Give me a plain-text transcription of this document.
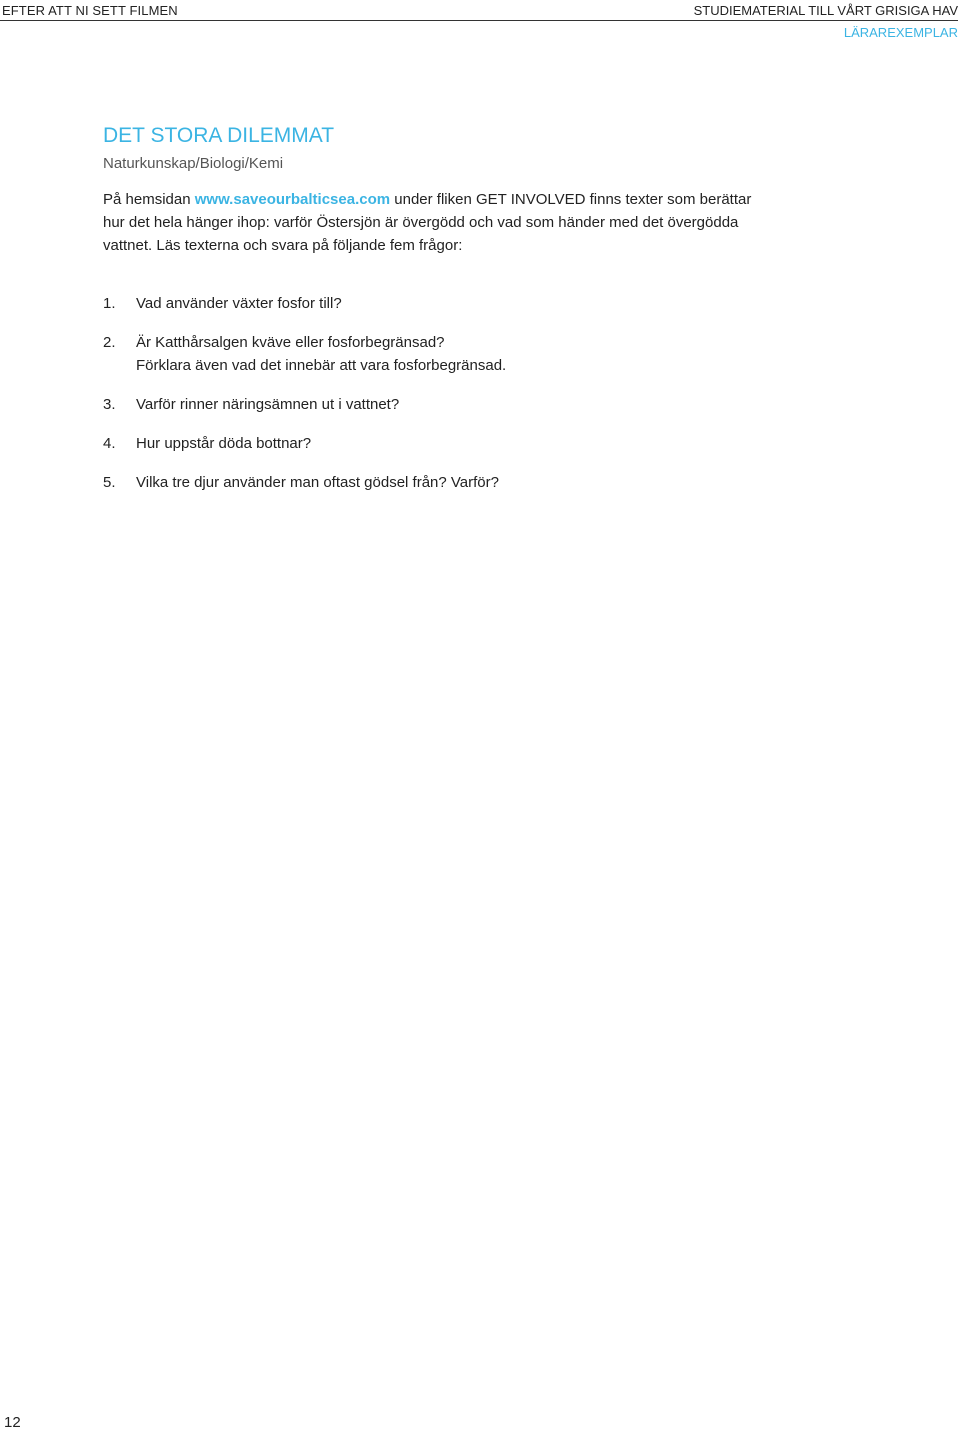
EFTER ATT NI SETT FILMEN	STUDIEMATERIAL TILL VÅRT GRISIGA HAV
LÄRAREXEMPLAR
DET STORA DILEMMAT
Naturkunskap/Biologi/Kemi
På hemsidan www.saveourbalticsea.com under fliken GET INVOLVED finns texter som berättar
hur det hela hänger ihop: varför Östersjön är övergödd och vad som händer med det övergödda
vattnet. Läs texterna och svara på följande fem frågor:
1.	Vad använder växter fosfor till?
2.	Är Katthårsalgen kväve eller fosforbegränsad?
Förklara även vad det innebär att vara fosforbegränsad.
3.	Varför rinner näringsämnen ut i vattnet?
4.	Hur uppstår döda bottnar?
5.	Vilka tre djur använder man oftast gödsel från? Varför?
12
